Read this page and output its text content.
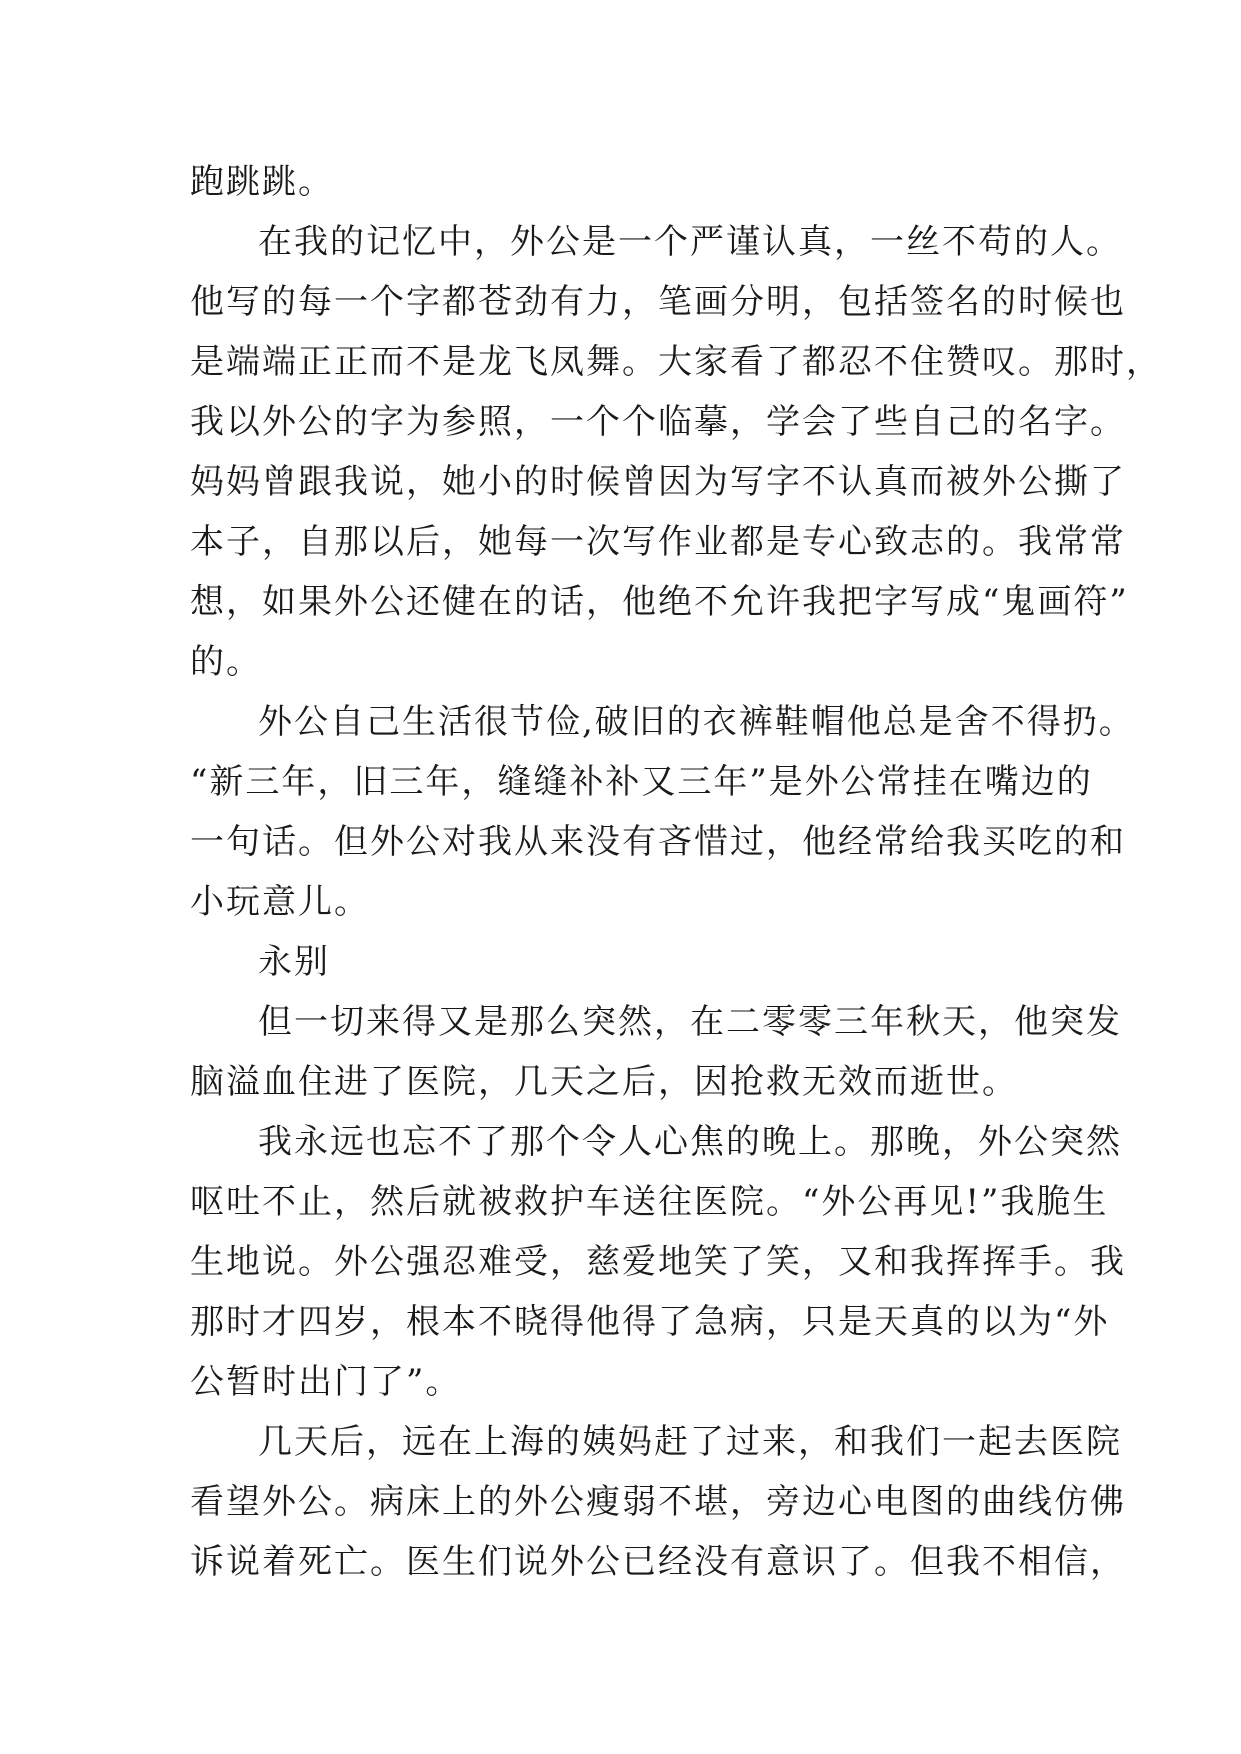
跑跳跳。
在我的记忆中，外公是一个严谨认真，一丝不苟的人。
他写的每一个字都苍劲有力，笔画分明，包括签名的时候也
是端端正正而不是龙飞凤舞。大家看了都忍不住赞叹。那时，
我以外公的字为参照，一个个临摹，学会了些自己的名字。
妈妈曾跟我说，她小的时候曾因为写字不认真而被外公撕了
本子，自那以后，她每一次写作业都是专心致志的。我常常
想，如果外公还健在的话，他绝不允许我把字写成“鬼画符”
的。
外公自己生活很节俭,破旧的衣裤鞋帽他总是舍不得扔。
“新三年，旧三年，缝缝补补又三年”是外公常挂在嘴边的
一句话。但外公对我从来没有吝惜过，他经常给我买吃的和
小玩意儿。
永别
但一切来得又是那么突然，在二零零三年秋天，他突发
脑溢血住进了医院，几天之后，因抢救无效而逝世。
我永远也忘不了那个令人心焦的晚上。那晚，外公突然
呕吐不止，然后就被救护车送往医院。“外公再见!”我脆生
生地说。外公强忍难受，慈爱地笑了笑，又和我挥挥手。我
那时才四岁，根本不晓得他得了急病，只是天真的以为“外
公暂时出门了”。
几天后，远在上海的姨妈赶了过来，和我们一起去医院
看望外公。病床上的外公瘦弱不堪，旁边心电图的曲线仿佛
诉说着死亡。医生们说外公已经没有意识了。但我不相信，
